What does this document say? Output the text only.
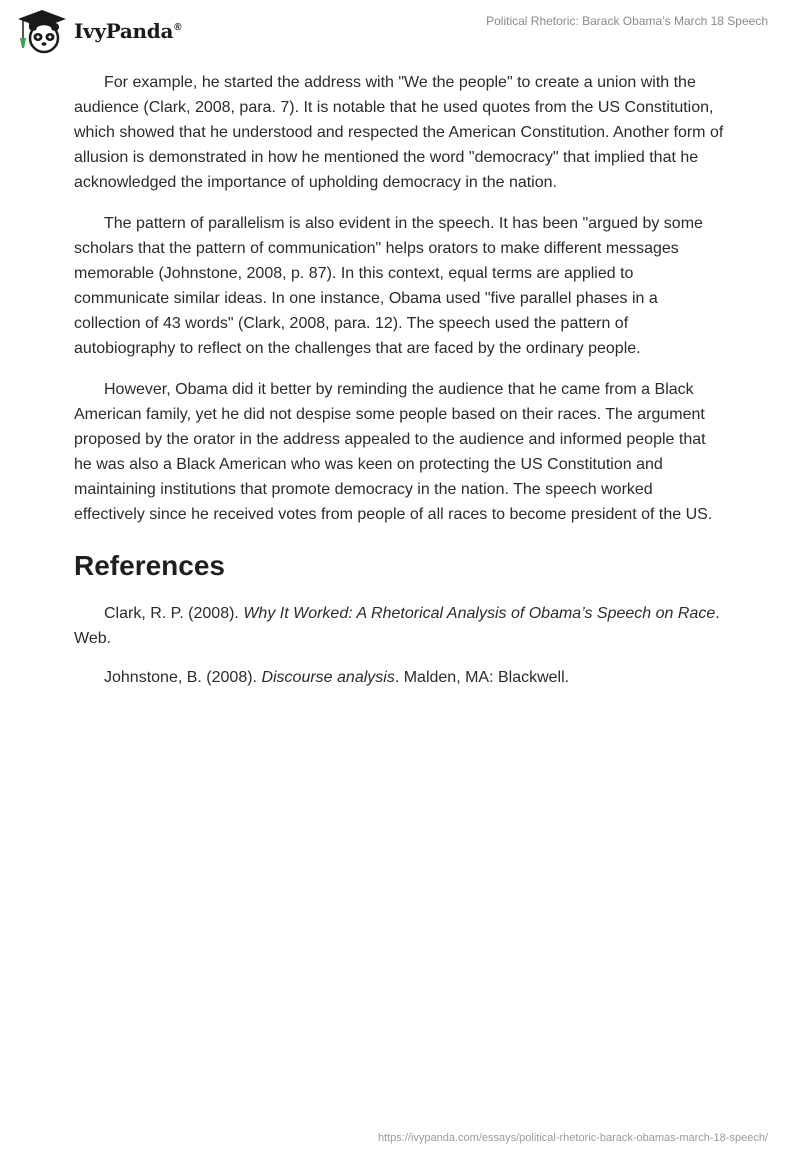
IvyPanda®	Political Rhetoric: Barack Obama’s March 18 Speech

For example, he started the address with "We the people" to create a union with the audience (Clark, 2008, para. 7). It is notable that he used quotes from the US Constitution, which showed that he understood and respected the American Constitution. Another form of allusion is demonstrated in how he mentioned the word "democracy" that implied that he acknowledged the importance of upholding democracy in the nation.

The pattern of parallelism is also evident in the speech. It has been "argued by some scholars that the pattern of communication" helps orators to make different messages memorable (Johnstone, 2008, p. 87). In this context, equal terms are applied to communicate similar ideas. In one instance, Obama used "five parallel phases in a collection of 43 words" (Clark, 2008, para. 12). The speech used the pattern of autobiography to reflect on the challenges that are faced by the ordinary people.

However, Obama did it better by reminding the audience that he came from a Black American family, yet he did not despise some people based on their races. The argument proposed by the orator in the address appealed to the audience and informed people that he was also a Black American who was keen on protecting the US Constitution and maintaining institutions that promote democracy in the nation. The speech worked effectively since he received votes from people of all races to become president of the US.

References

Clark, R. P. (2008). Why It Worked: A Rhetorical Analysis of Obama’s Speech on Race. Web.

Johnstone, B. (2008). Discourse analysis. Malden, MA: Blackwell.

https://ivypanda.com/essays/political-rhetoric-barack-obamas-march-18-speech/
